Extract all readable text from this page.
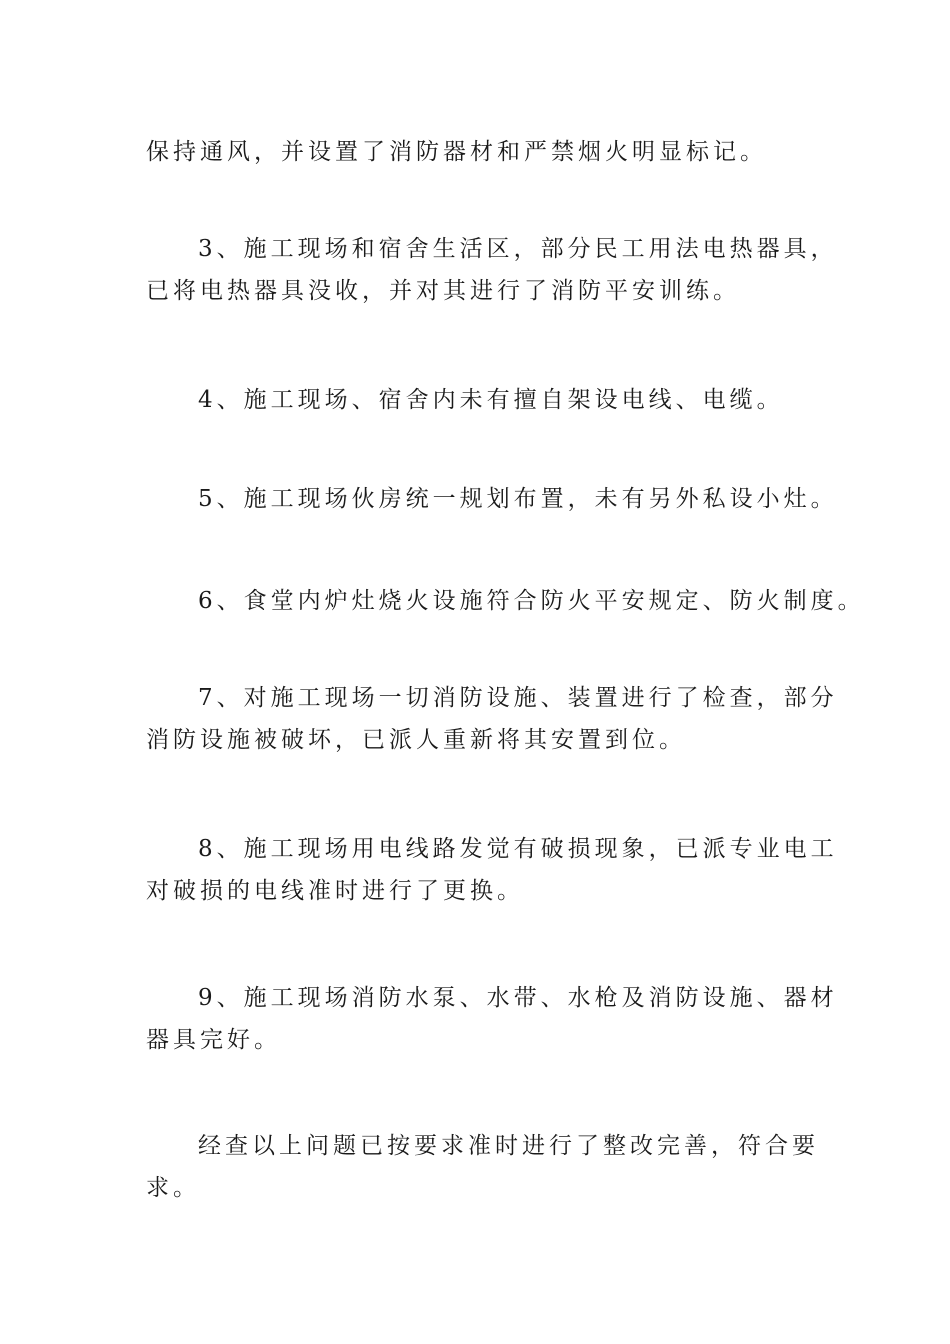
保持通风，并设置了消防器材和严禁烟火明显标记。

3、施工现场和宿舍生活区，部分民工用法电热器具，
已将电热器具没收，并对其进行了消防平安训练。

4、施工现场、宿舍内未有擅自架设电线、电缆。

5、施工现场伙房统一规划布置，未有另外私设小灶。

6、食堂内炉灶烧火设施符合防火平安规定、防火制度。

7、对施工现场一切消防设施、装置进行了检查，部分
消防设施被破坏，已派人重新将其安置到位。

8、施工现场用电线路发觉有破损现象，已派专业电工
对破损的电线准时进行了更换。

9、施工现场消防水泵、水带、水枪及消防设施、器材
器具完好。

经查以上问题已按要求准时进行了整改完善，符合要
求。
